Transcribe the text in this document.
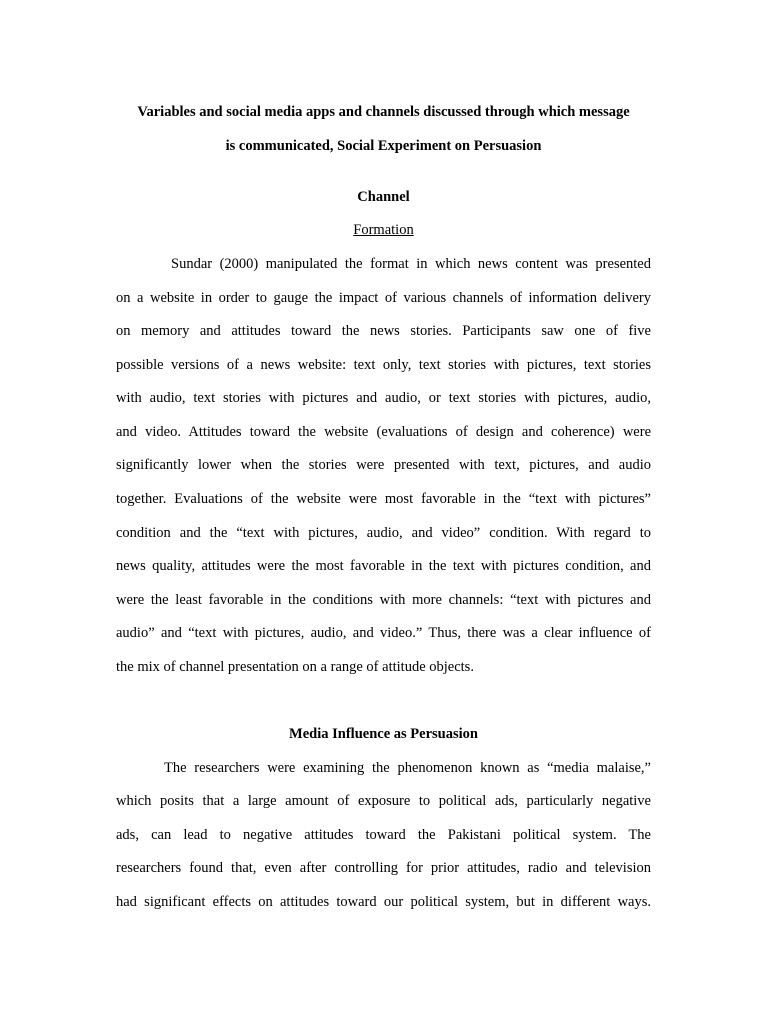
Variables and social media apps and channels discussed through which message
is communicated, Social Experiment on Persuasion
Channel
Formation
Sundar (2000) manipulated the format in which news content was presented
on a website in order to gauge the impact of various channels of information delivery
on memory and attitudes toward the news stories. Participants saw one of five
possible versions of a news website: text only, text stories with pictures, text stories
with audio, text stories with pictures and audio, or text stories with pictures, audio,
and video. Attitudes toward the website (evaluations of design and coherence) were
significantly lower when the stories were presented with text, pictures, and audio
together. Evaluations of the website were most favorable in the “text with pictures”
condition and the “text with pictures, audio, and video” condition. With regard to
news quality, attitudes were the most favorable in the text with pictures condition, and
were the least favorable in the conditions with more channels: “text with pictures and
audio” and “text with pictures, audio, and video.” Thus, there was a clear influence of
the mix of channel presentation on a range of attitude objects.
Media Influence as Persuasion
The researchers were examining the phenomenon known as “media malaise,”
which posits that a large amount of exposure to political ads, particularly negative
ads, can lead to negative attitudes toward the Pakistani political system. The
researchers found that, even after controlling for prior attitudes, radio and television
had significant effects on attitudes toward our political system, but in different ways.
